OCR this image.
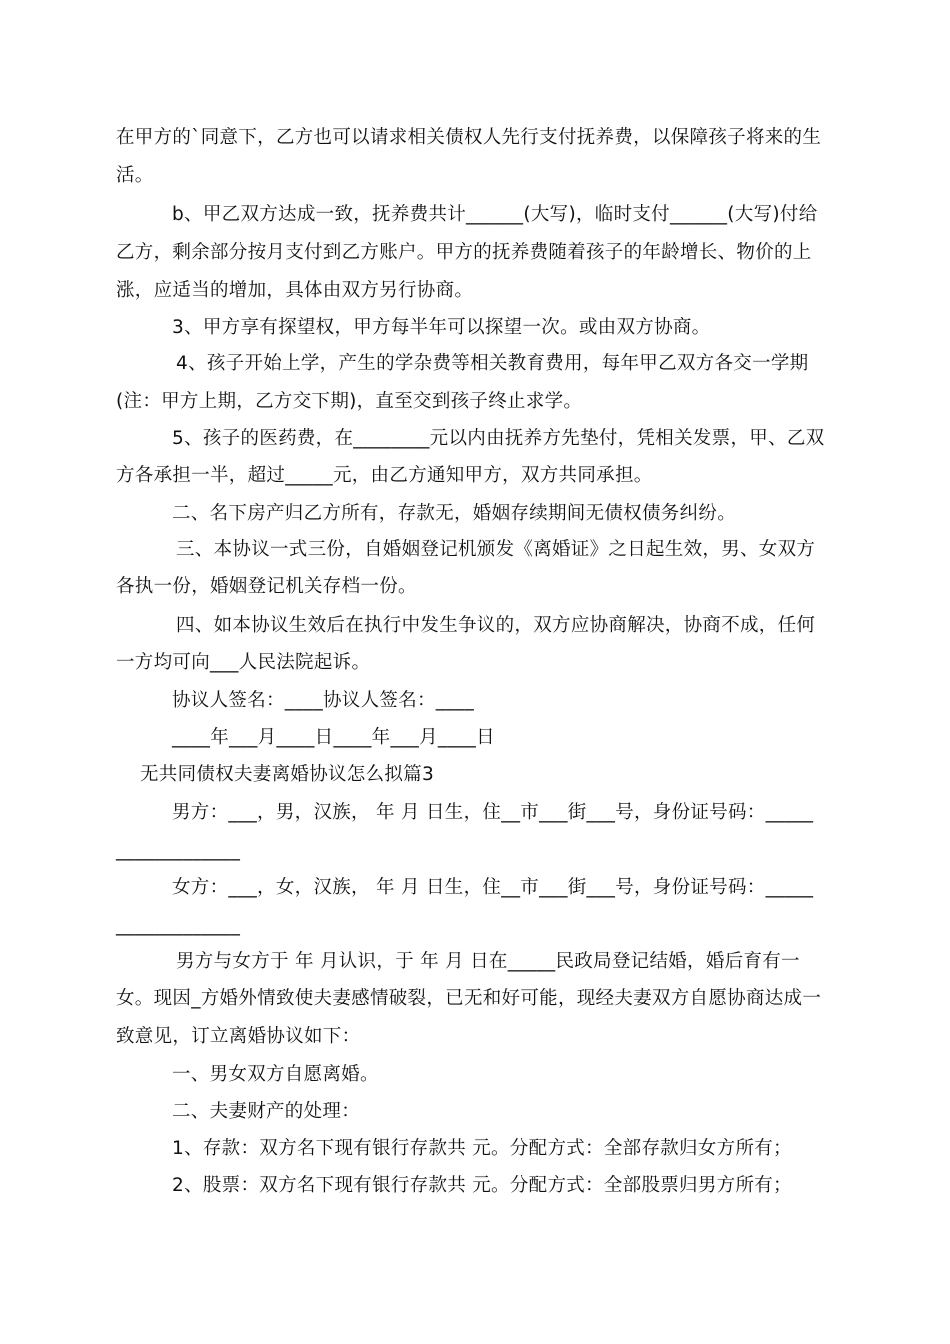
在甲方的`同意下，乙方也可以请求相关债权人先行支付抚养费，以保障孩子将来的生
活。
b、甲乙双方达成一致，抚养费共计______(大写)，临时支付______(大写)付给
乙方，剩余部分按月支付到乙方账户。甲方的抚养费随着孩子的年龄增长、物价的上
涨，应适当的增加，具体由双方另行协商。
3、甲方享有探望权，甲方每半年可以探望一次。或由双方协商。
4、孩子开始上学，产生的学杂费等相关教育费用，每年甲乙双方各交一学期
(注：甲方上期，乙方交下期)，直至交到孩子终止求学。
5、孩子的医药费，在________元以内由抚养方先垫付，凭相关发票，甲、乙双
方各承担一半，超过_____元，由乙方通知甲方，双方共同承担。
二、名下房产归乙方所有，存款无，婚姻存续期间无债权债务纠纷。
三、本协议一式三份，自婚姻登记机颁发《离婚证》之日起生效，男、女双方
各执一份，婚姻登记机关存档一份。
四、如本协议生效后在执行中发生争议的，双方应协商解决，协商不成，任何
一方均可向___人民法院起诉。
协议人签名：____协议人签名：____
____年___月____日____年___月____日
无共同债权夫妻离婚协议怎么拟篇3
男方：___，男，汉族， 年 月 日生，住__市___街___号，身份证号码：_____
_____________
女方：___，女，汉族， 年 月 日生，住__市___街___号，身份证号码：_____
_____________
男方与女方于 年 月认识，于 年 月 日在_____民政局登记结婚，婚后育有一
女。现因_方婚外情致使夫妻感情破裂，已无和好可能，现经夫妻双方自愿协商达成一
致意见，订立离婚协议如下：
一、男女双方自愿离婚。
二、夫妻财产的处理：
1、存款：双方名下现有银行存款共 元。分配方式：全部存款归女方所有；
2、股票：双方名下现有银行存款共 元。分配方式：全部股票归男方所有；
